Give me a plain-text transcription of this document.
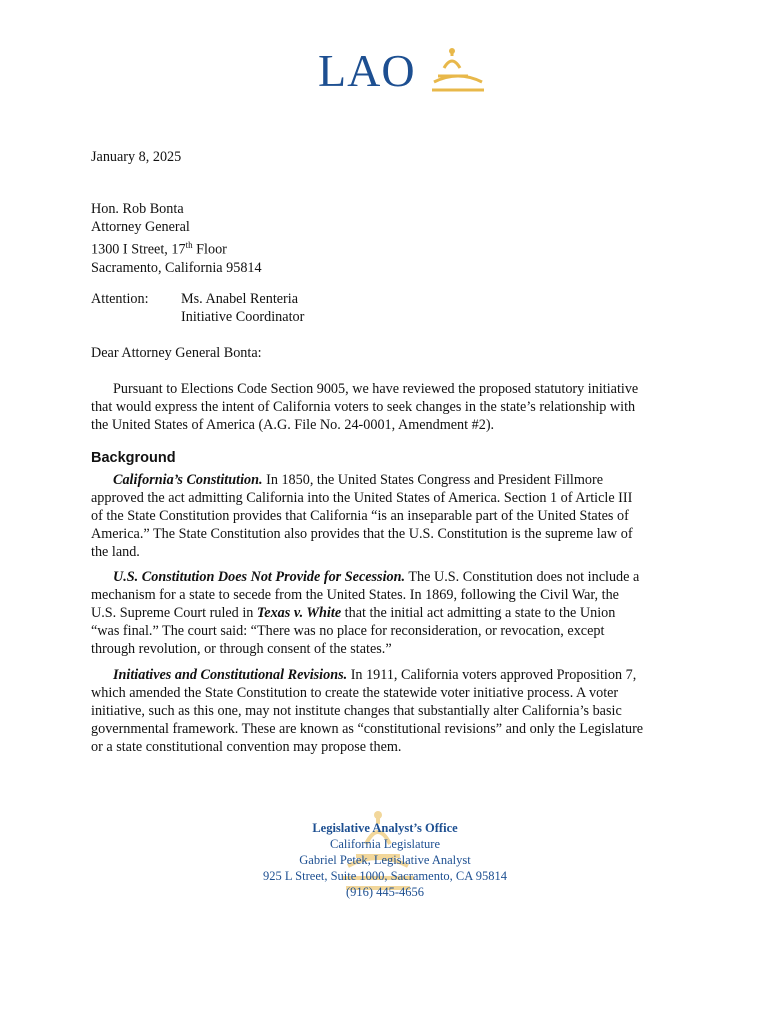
LAO
January 8, 2025
Hon. Rob Bonta
Attorney General
1300 I Street, 17th Floor
Sacramento, California 95814
Attention: Ms. Anabel Renteria
Initiative Coordinator
Dear Attorney General Bonta:
Pursuant to Elections Code Section 9005, we have reviewed the proposed statutory initiative
that would express the intent of California voters to seek changes in the state’s relationship with
the United States of America (A.G. File No. 24-0001, Amendment #2).
Background
California’s Constitution. In 1850, the United States Congress and President Fillmore
approved the act admitting California into the United States of America. Section 1 of Article III
of the State Constitution provides that California “is an inseparable part of the United States of
America.” The State Constitution also provides that the U.S. Constitution is the supreme law of
the land.
U.S. Constitution Does Not Provide for Secession. The U.S. Constitution does not include a
mechanism for a state to secede from the United States. In 1869, following the Civil War, the
U.S. Supreme Court ruled in Texas v. White that the initial act admitting a state to the Union
“was final.” The court said: “There was no place for reconsideration, or revocation, except
through revolution, or through consent of the states.”
Initiatives and Constitutional Revisions. In 1911, California voters approved Proposition 7,
which amended the State Constitution to create the statewide voter initiative process. A voter
initiative, such as this one, may not institute changes that substantially alter California’s basic
governmental framework. These are known as “constitutional revisions” and only the Legislature
or a state constitutional convention may propose them.
Legislative Analyst’s Office
California Legislature
Gabriel Petek, Legislative Analyst
925 L Street, Suite 1000, Sacramento, CA 95814
(916) 445-4656
